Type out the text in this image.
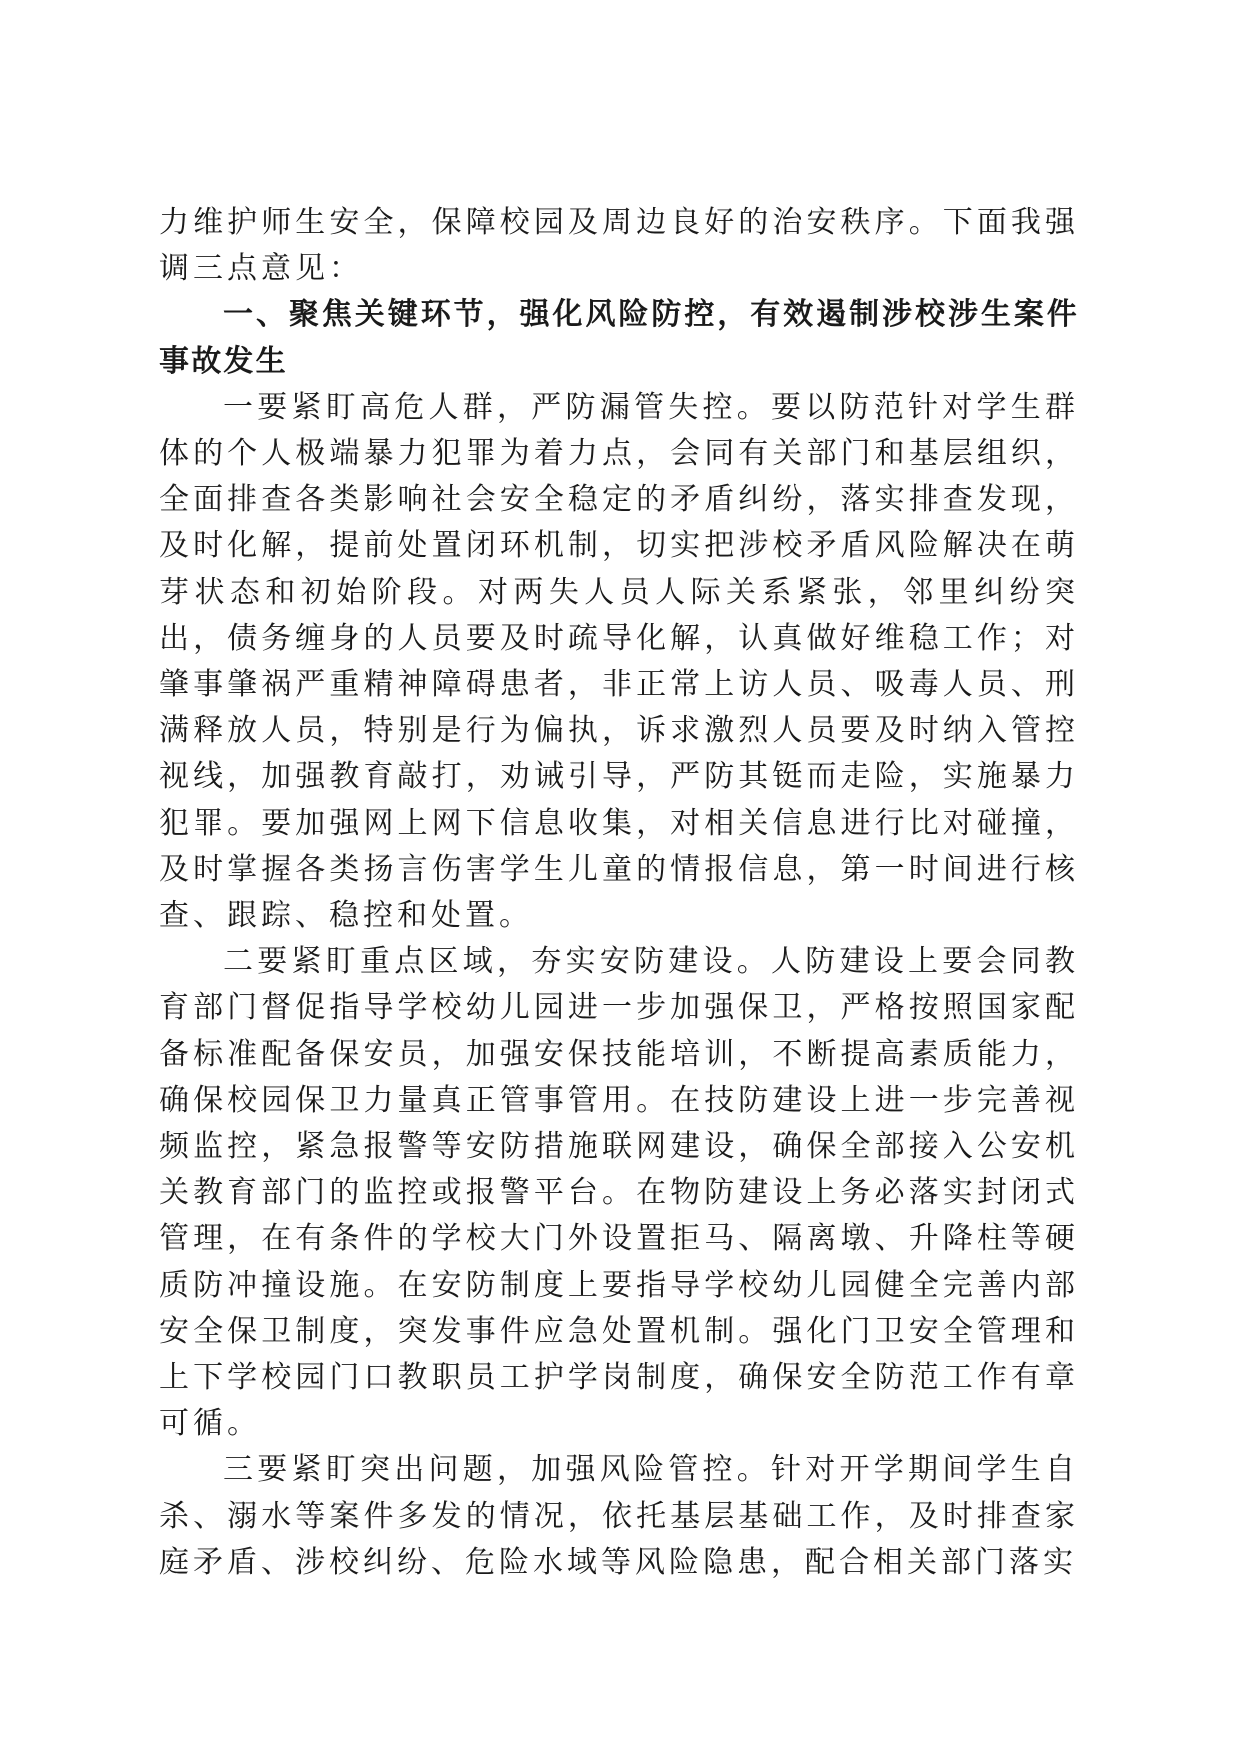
力维护师生安全，保障校园及周边良好的治安秩序。下面我强调三点意见：

一、聚焦关键环节，强化风险防控，有效遏制涉校涉生案件事故发生

一要紧盯高危人群，严防漏管失控。要以防范针对学生群体的个人极端暴力犯罪为着力点，会同有关部门和基层组织，全面排查各类影响社会安全稳定的矛盾纠纷，落实排查发现，及时化解，提前处置闭环机制，切实把涉校矛盾风险解决在萌芽状态和初始阶段。对两失人员人际关系紧张，邻里纠纷突出，债务缠身的人员要及时疏导化解，认真做好维稳工作；对肇事肇祸严重精神障碍患者，非正常上访人员、吸毒人员、刑满释放人员，特别是行为偏执，诉求激烈人员要及时纳入管控视线，加强教育敲打，劝诫引导，严防其铤而走险，实施暴力犯罪。要加强网上网下信息收集，对相关信息进行比对碰撞，及时掌握各类扬言伤害学生儿童的情报信息，第一时间进行核查、跟踪、稳控和处置。

二要紧盯重点区域，夯实安防建设。人防建设上要会同教育部门督促指导学校幼儿园进一步加强保卫，严格按照国家配备标准配备保安员，加强安保技能培训，不断提高素质能力，确保校园保卫力量真正管事管用。在技防建设上进一步完善视频监控，紧急报警等安防措施联网建设，确保全部接入公安机关教育部门的监控或报警平台。在物防建设上务必落实封闭式管理，在有条件的学校大门外设置拒马、隔离墩、升降柱等硬质防冲撞设施。在安防制度上要指导学校幼儿园健全完善内部安全保卫制度，突发事件应急处置机制。强化门卫安全管理和上下学校园门口教职员工护学岗制度，确保安全防范工作有章可循。

三要紧盯突出问题，加强风险管控。针对开学期间学生自杀、溺水等案件多发的情况，依托基层基础工作，及时排查家庭矛盾、涉校纠纷、危险水域等风险隐患，配合相关部门落实
